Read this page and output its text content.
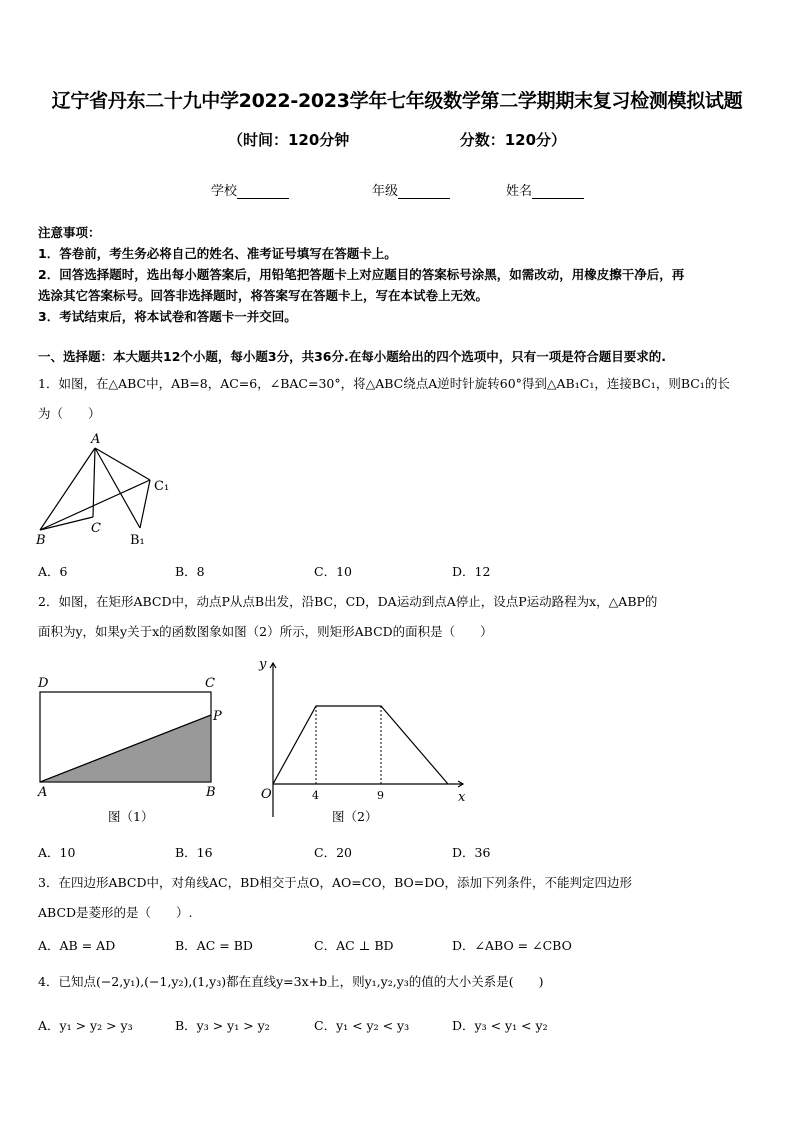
辽宁省丹东二十九中学2022-2023学年七年级数学第二学期期末复习检测模拟试题
（时间：120分钟	分数：120分）
学校	年级	姓名
注意事项：
1．答卷前，考生务必将自己的姓名、准考证号填写在答题卡上。
2．回答选择题时，选出每小题答案后，用铅笔把答题卡上对应题目的答案标号涂黑，如需改动，用橡皮擦干净后，再
选涂其它答案标号。回答非选择题时，将答案写在答题卡上，写在本试卷上无效。
3．考试结束后，将本试卷和答题卡一并交回。
一、选择题：本大题共12个小题，每小题3分，共36分.在每小题给出的四个选项中，只有一项是符合题目要求的.
1．如图，在△ABC中，AB=8，AC=6，∠BAC=30°，将△ABC绕点A逆时针旋转60°得到△AB₁C₁，连接BC₁，则BC₁的长
为（　　）
A
B
C
B₁
C₁
A．6	B．8	C．10	D．12
2．如图，在矩形ABCD中，动点P从点B出发，沿BC，CD，DA运动到点A停止，设点P运动路程为x，△ABP的
面积为y，如果y关于x的函数图象如图（2）所示，则矩形ABCD的面积是（　　）
D	C
P
A	B
图（1）
y
x
O	4	9
图（2）
A．10	B．16	C．20	D．36
3．在四边形ABCD中，对角线AC，BD相交于点O，AO=CO，BO=DO，添加下列条件，不能判定四边形
ABCD是菱形的是（　　）.
A．AB = AD	B．AC = BD	C．AC ⊥ BD	D．∠ABO = ∠CBO
4．已知点(−2,y₁),(−1,y₂),(1,y₃)都在直线y=3x+b上，则y₁,y₂,y₃的值的大小关系是(　　)
A．y₁ > y₂ > y₃	B．y₃ > y₁ > y₂	C．y₁ < y₂ < y₃	D．y₃ < y₁ < y₂
